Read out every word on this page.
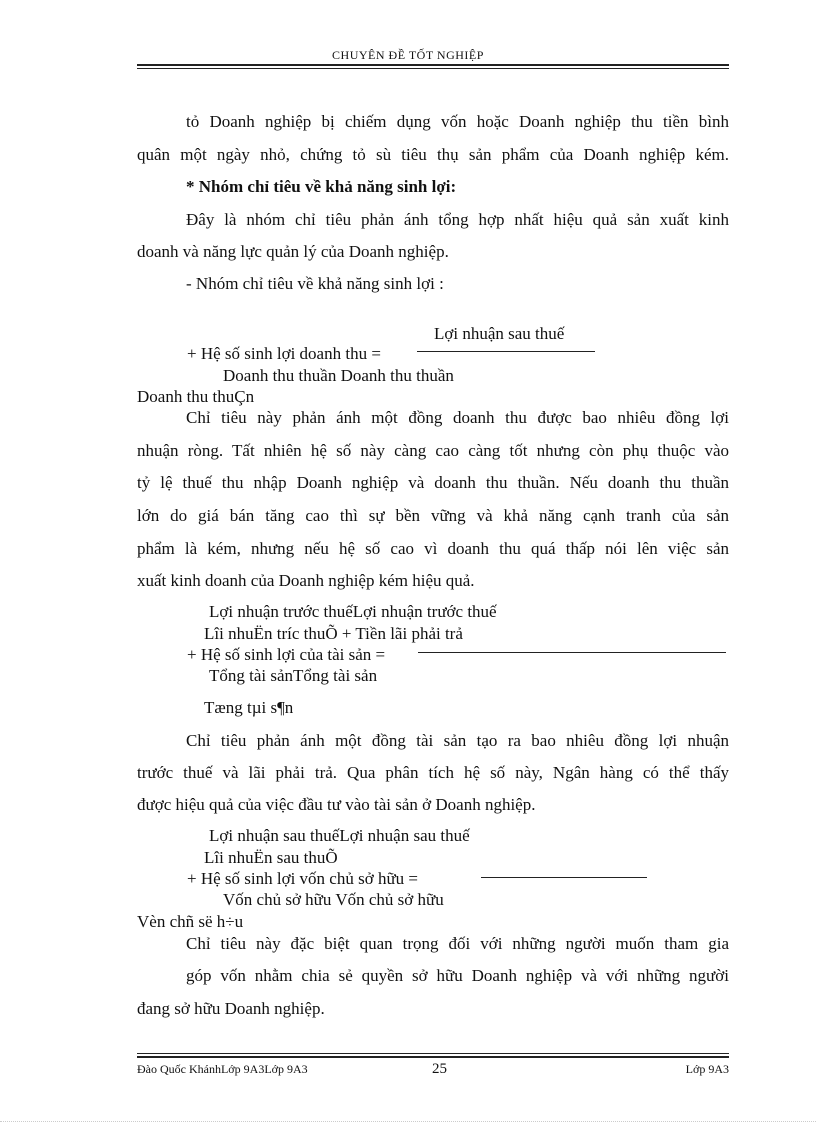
CHUYÊN ĐỀ TỐT NGHIỆP
tỏ Doanh nghiệp bị chiếm dụng vốn hoặc Doanh nghiệp thu tiền bình
quân một ngày nhỏ, chứng tỏ sù tiêu thụ sản phẩm của Doanh nghiệp kém.
* Nhóm chỉ tiêu về khả năng sinh lợi:
Đây là nhóm chỉ tiêu phản ánh tổng hợp nhất hiệu quả sản xuất kinh
doanh và năng lực quản lý của Doanh nghiệp.
- Nhóm chỉ tiêu về khả năng sinh lợi :
Lợi nhuận sau thuế
+ Hệ số sinh lợi doanh thu =
Doanh thu thuần Doanh thu thuần
Doanh thu thuÇn
Chỉ tiêu này phản ánh một đồng doanh thu được bao nhiêu đồng lợi
nhuận ròng. Tất nhiên hệ số này càng cao càng tốt nhưng còn phụ thuộc vào
tỷ lệ thuế thu nhập Doanh nghiệp và doanh thu thuần. Nếu doanh thu thuần
lớn do giá bán tăng cao thì sự bền vững và khả năng cạnh tranh của sản
phẩm là kém, nhưng nếu hệ số cao vì doanh thu quá thấp nói lên việc sản
xuất kinh doanh của Doanh nghiệp kém hiệu quả.
Lợi nhuận trước thuếLợi nhuận trước thuế
Lîi nhuËn tríc thuÕ + Tiền lãi phải trả
+ Hệ số sinh lợi của tài sản =
Tổng tài sảnTổng tài sản
Tæng tµi s¶n
Chỉ tiêu phản ánh một đồng tài sản tạo ra bao nhiêu đồng lợi nhuận
trước thuế và lãi phải trả. Qua phân tích hệ số này, Ngân hàng có thể thấy
được hiệu quả của việc đầu tư vào tài sản ở Doanh nghiệp.
Lợi nhuận sau thuếLợi nhuận sau thuế
Lîi nhuËn sau thuÕ
+ Hệ số sinh lợi vốn chủ sở hữu =
Vốn chủ sở hữu Vốn chủ sở hữu
Vèn chñ së h÷u
Chỉ tiêu này đặc biệt quan trọng đối với những người muốn tham gia
góp vốn nhằm chia sẻ quyền sở hữu Doanh nghiệp và với những người
đang sở hữu Doanh nghiệp.
Đào Quốc KhánhLớp 9A3Lớp 9A3	25	Lớp 9A3
